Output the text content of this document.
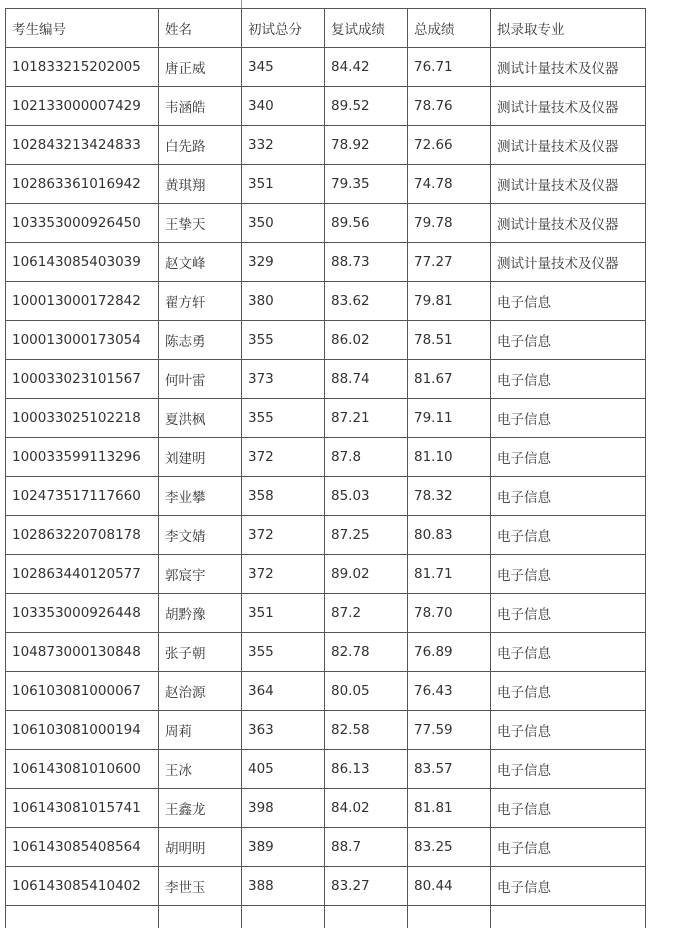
考生编号	姓名	初试总分	复试成绩	总成绩	拟录取专业
101833215202005	唐正威	345	84.42	76.71	测试计量技术及仪器
102133000007429	韦涵皓	340	89.52	78.76	测试计量技术及仪器
102843213424833	白先路	332	78.92	72.66	测试计量技术及仪器
102863361016942	黄琪翔	351	79.35	74.78	测试计量技术及仪器
103353000926450	王挚天	350	89.56	79.78	测试计量技术及仪器
106143085403039	赵文峰	329	88.73	77.27	测试计量技术及仪器
100013000172842	翟方轩	380	83.62	79.81	电子信息
100013000173054	陈志勇	355	86.02	78.51	电子信息
100033023101567	何叶雷	373	88.74	81.67	电子信息
100033025102218	夏洪枫	355	87.21	79.11	电子信息
100033599113296	刘建明	372	87.8	81.10	电子信息
102473517117660	李业攀	358	85.03	78.32	电子信息
102863220708178	李文婧	372	87.25	80.83	电子信息
102863440120577	郭宸宇	372	89.02	81.71	电子信息
103353000926448	胡黔豫	351	87.2	78.70	电子信息
104873000130848	张子朝	355	82.78	76.89	电子信息
106103081000067	赵治源	364	80.05	76.43	电子信息
106103081000194	周莉	363	82.58	77.59	电子信息
106143081010600	王冰	405	86.13	83.57	电子信息
106143081015741	王鑫龙	398	84.02	81.81	电子信息
106143085408564	胡明明	389	88.7	83.25	电子信息
106143085410402	李世玉	388	83.27	80.44	电子信息
